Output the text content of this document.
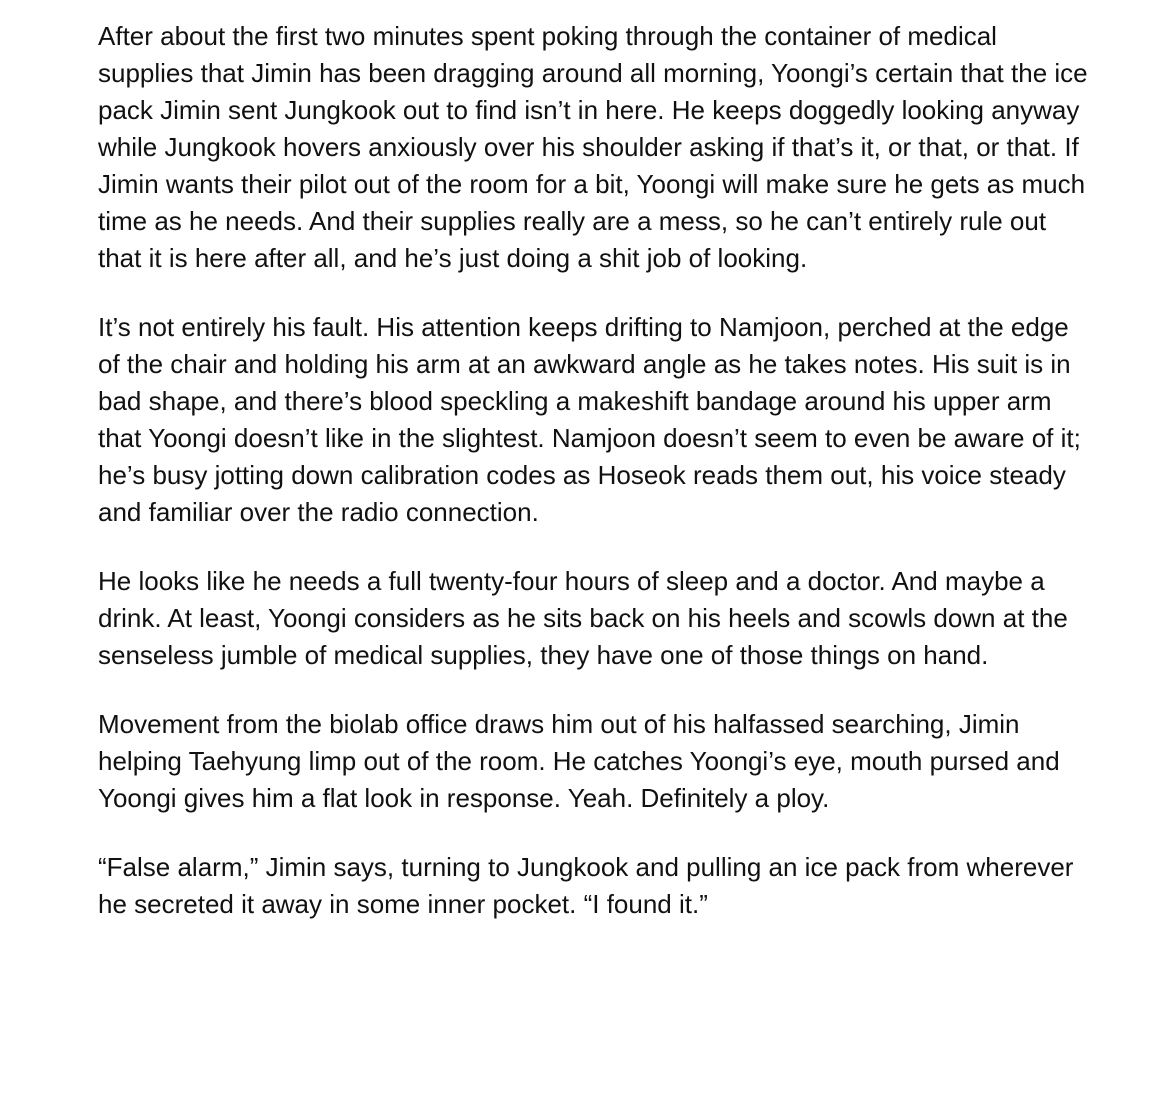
After about the first two minutes spent poking through the container of medical supplies that Jimin has been dragging around all morning, Yoongi’s certain that the ice pack Jimin sent Jungkook out to find isn’t in here. He keeps doggedly looking anyway while Jungkook hovers anxiously over his shoulder asking if that’s it, or that, or that. If Jimin wants their pilot out of the room for a bit, Yoongi will make sure he gets as much time as he needs. And their supplies really are a mess, so he can’t entirely rule out that it is here after all, and he’s just doing a shit job of looking.

It’s not entirely his fault. His attention keeps drifting to Namjoon, perched at the edge of the chair and holding his arm at an awkward angle as he takes notes. His suit is in bad shape, and there’s blood speckling a makeshift bandage around his upper arm that Yoongi doesn’t like in the slightest. Namjoon doesn’t seem to even be aware of it; he’s busy jotting down calibration codes as Hoseok reads them out, his voice steady and familiar over the radio connection.

He looks like he needs a full twenty-four hours of sleep and a doctor. And maybe a drink. At least, Yoongi considers as he sits back on his heels and scowls down at the senseless jumble of medical supplies, they have one of those things on hand.

Movement from the biolab office draws him out of his halfassed searching, Jimin helping Taehyung limp out of the room. He catches Yoongi’s eye, mouth pursed and Yoongi gives him a flat look in response. Yeah. Definitely a ploy.

“False alarm,” Jimin says, turning to Jungkook and pulling an ice pack from wherever he secreted it away in some inner pocket. “I found it.”
